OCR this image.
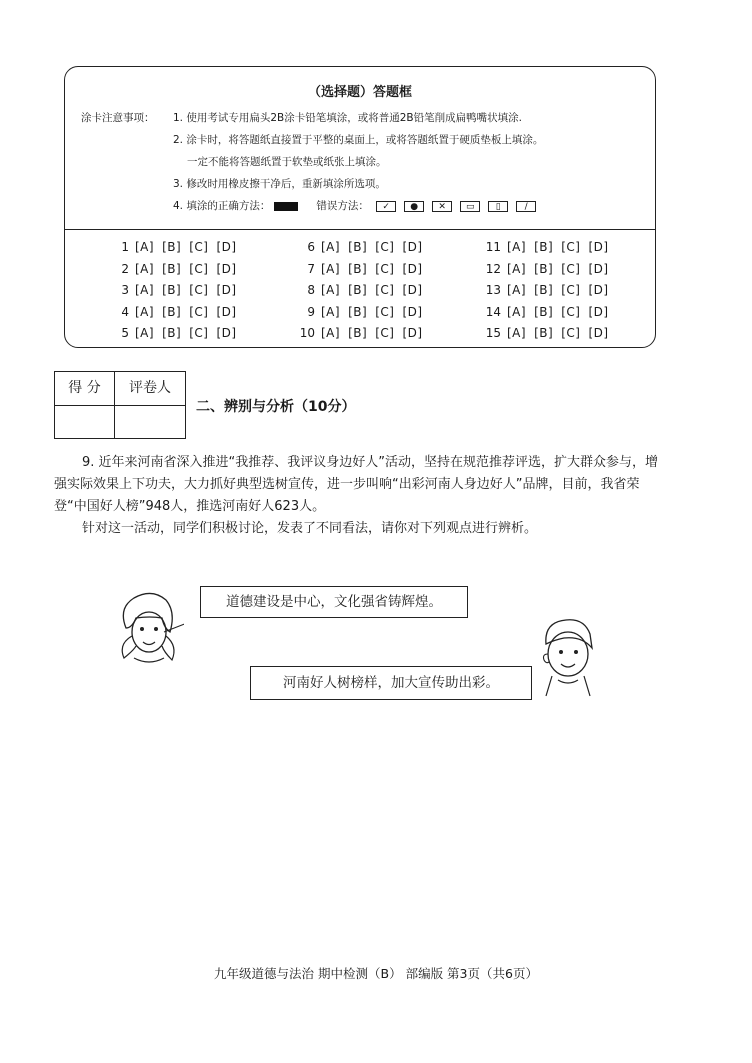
（选择题）答题框
涂卡注意事项： 1. 使用考试专用扁头2B涂卡铅笔填涂，或将普通2B铅笔削成扁鸭嘴状填涂.
2. 涂卡时，将答题纸直接置于平整的桌面上，或将答题纸置于硬质垫板上填涂。
一定不能将答题纸置于软垫或纸张上填涂。
3. 修改时用橡皮擦干净后，重新填涂所选项。
4. 填涂的正确方法：	错误方法：	✓	●	✕	▭	▯	/
1 [A] [B] [C] [D]
2 [A] [B] [C] [D]
3 [A] [B] [C] [D]
4 [A] [B] [C] [D]
5 [A] [B] [C] [D]
6 [A] [B] [C] [D]
7 [A] [B] [C] [D]
8 [A] [B] [C] [D]
9 [A] [B] [C] [D]
10 [A] [B] [C] [D]
11 [A] [B] [C] [D]
12 [A] [B] [C] [D]
13 [A] [B] [C] [D]
14 [A] [B] [C] [D]
15 [A] [B] [C] [D]
得 分	评卷人
二、辨别与分析（10分）

9. 近年来河南省深入推进“我推荐、我评议身边好人”活动，坚持在规范推荐评选，扩大群众参与，增强实际效果上下功夫，大力抓好典型选树宣传，进一步叫响“出彩河南人身边好人”品牌，目前，我省荣登“中国好人榜”948人，推选河南好人623人。

针对这一活动，同学们积极讨论，发表了不同看法，请你对下列观点进行辨析。

道德建设是中心，文化强省铸辉煌。
河南好人树榜样，加大宣传助出彩。
九年级道德与法治 期中检测（B） 部编版 第3页（共6页）
